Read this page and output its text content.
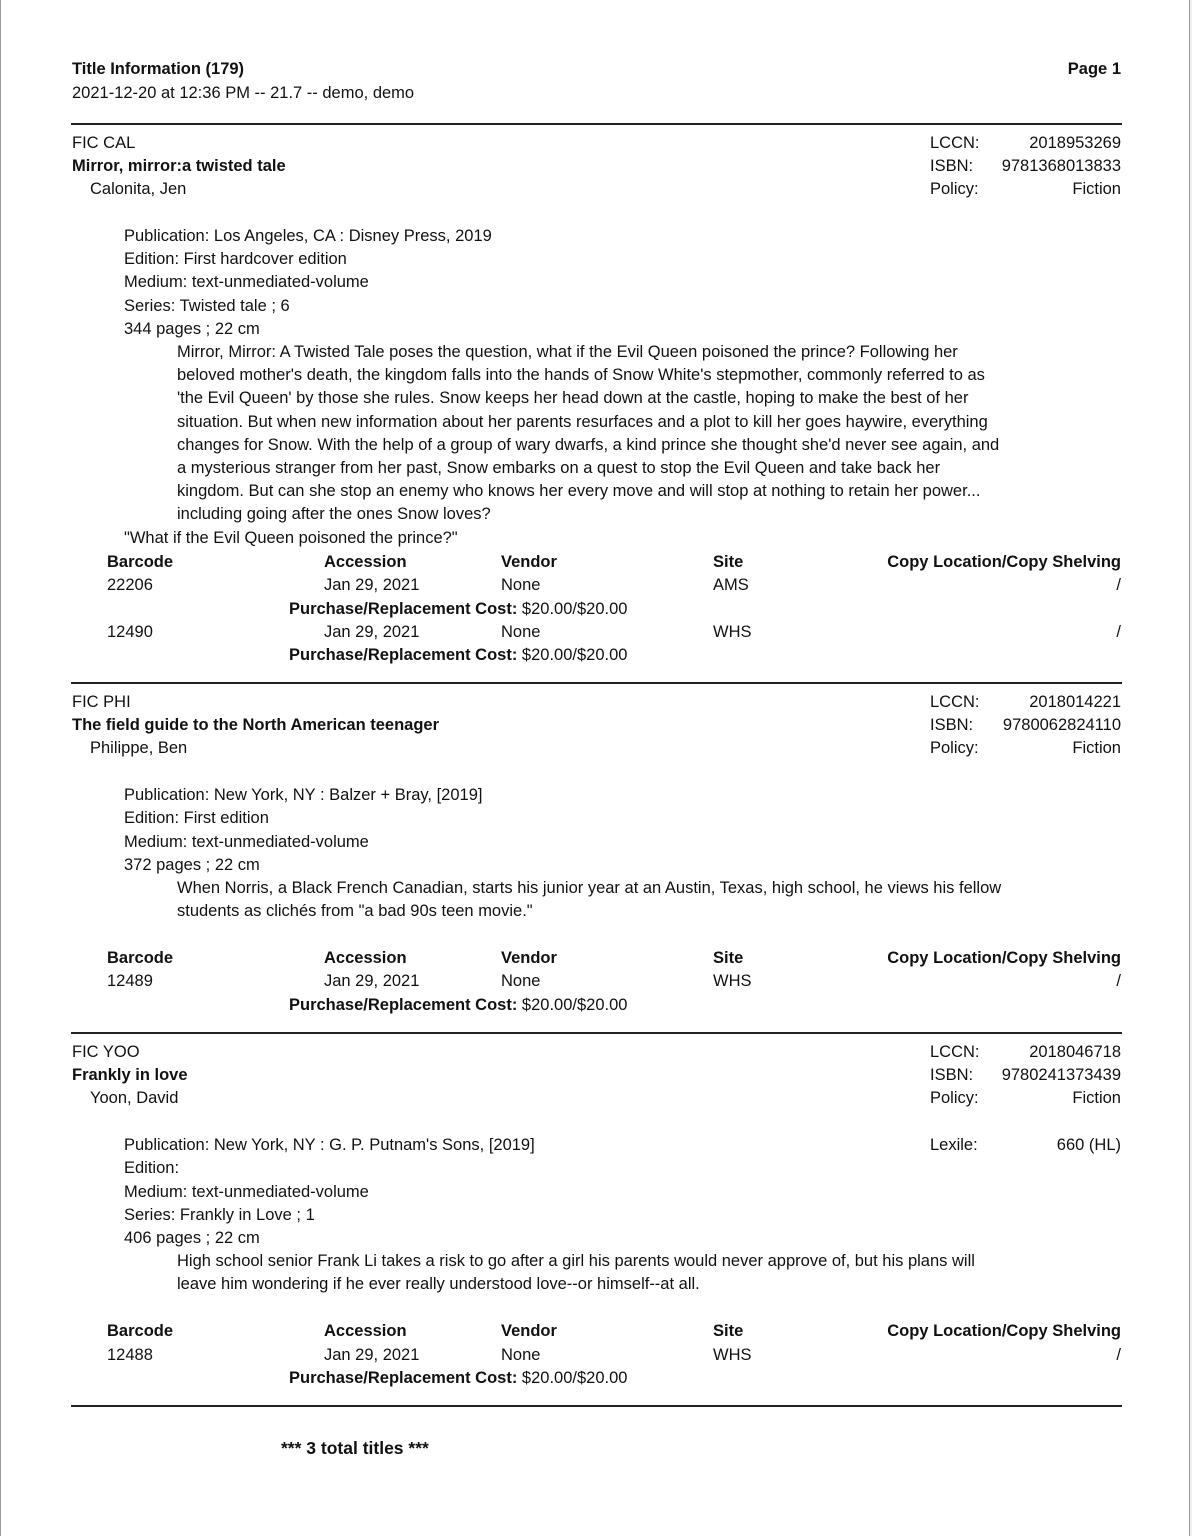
Title Information (179)
2021-12-20 at 12:36 PM -- 21.7 -- demo, demo
Page 1
FIC CAL
Mirror, mirror:a twisted tale
Calonita, Jen
LCCN:	2018953269
ISBN:	9781368013833
Policy:	Fiction
Publication: Los Angeles, CA : Disney Press, 2019
Edition: First hardcover edition
Medium: text-unmediated-volume
Series: Twisted tale ; 6
344 pages ; 22 cm
Mirror, Mirror: A Twisted Tale poses the question, what if the Evil Queen poisoned the prince? Following her beloved mother's death, the kingdom falls into the hands of Snow White's stepmother, commonly referred to as 'the Evil Queen' by those she rules. Snow keeps her head down at the castle, hoping to make the best of her situation. But when new information about her parents resurfaces and a plot to kill her goes haywire, everything changes for Snow. With the help of a group of wary dwarfs, a kind prince she thought she'd never see again, and a mysterious stranger from her past, Snow embarks on a quest to stop the Evil Queen and take back her kingdom. But can she stop an enemy who knows her every move and will stop at nothing to retain her power... including going after the ones Snow loves?
"What if the Evil Queen poisoned the prince?"
Barcode	Accession	Vendor	Site	Copy Location/Copy Shelving
22206	Jan 29, 2021	None	AMS	/
Purchase/Replacement Cost: $20.00/$20.00
12490	Jan 29, 2021	None	WHS	/
Purchase/Replacement Cost: $20.00/$20.00
FIC PHI
The field guide to the North American teenager
Philippe, Ben
LCCN:	2018014221
ISBN:	9780062824110
Policy:	Fiction
Publication: New York, NY : Balzer + Bray, [2019]
Edition: First edition
Medium: text-unmediated-volume
372 pages ; 22 cm
When Norris, a Black French Canadian, starts his junior year at an Austin, Texas, high school, he views his fellow students as clichés from "a bad 90s teen movie."
Barcode	Accession	Vendor	Site	Copy Location/Copy Shelving
12489	Jan 29, 2021	None	WHS	/
Purchase/Replacement Cost: $20.00/$20.00
FIC YOO
Frankly in love
Yoon, David
LCCN:	2018046718
ISBN:	9780241373439
Policy:	Fiction
Lexile:	660 (HL)
Publication: New York, NY : G. P. Putnam's Sons, [2019]
Edition:
Medium: text-unmediated-volume
Series: Frankly in Love ; 1
406 pages ; 22 cm
High school senior Frank Li takes a risk to go after a girl his parents would never approve of, but his plans will leave him wondering if he ever really understood love--or himself--at all.
Barcode	Accession	Vendor	Site	Copy Location/Copy Shelving
12488	Jan 29, 2021	None	WHS	/
Purchase/Replacement Cost: $20.00/$20.00
*** 3 total titles ***
